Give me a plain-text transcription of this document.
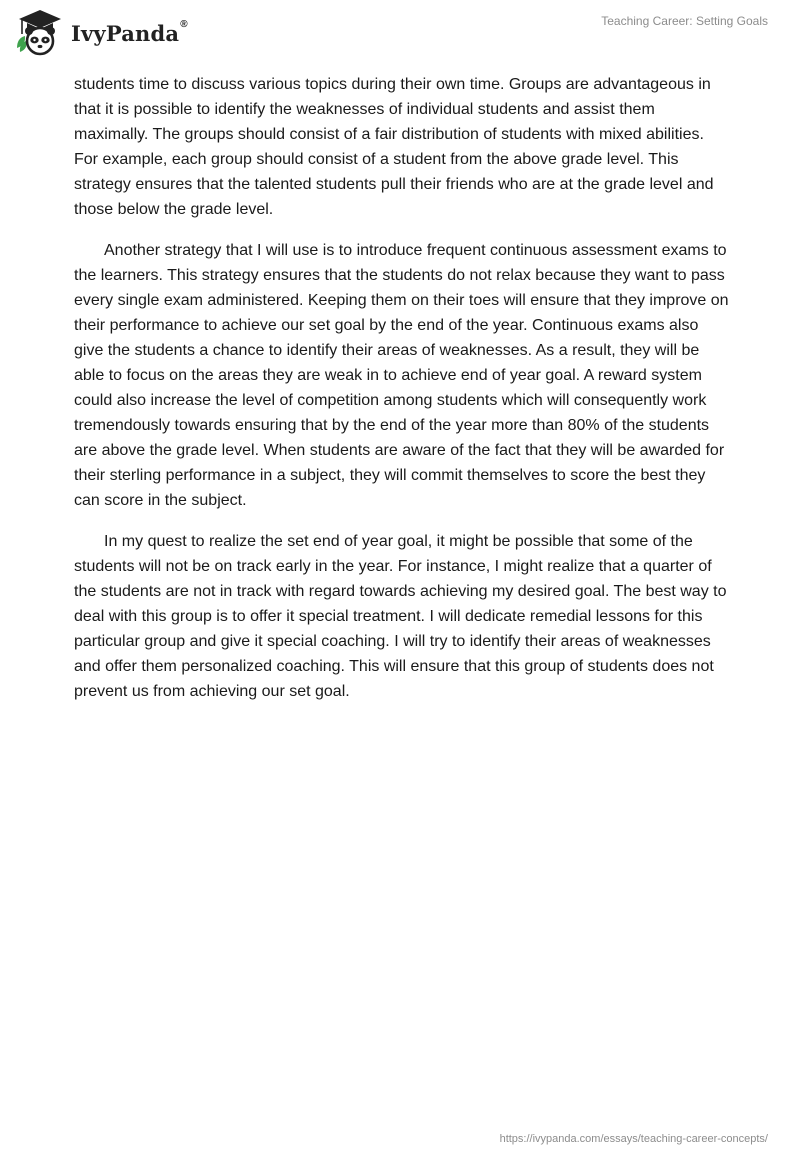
IvyPanda®	Teaching Career: Setting Goals

students time to discuss various topics during their own time. Groups are advantageous in that it is possible to identify the weaknesses of individual students and assist them maximally. The groups should consist of a fair distribution of students with mixed abilities. For example, each group should consist of a student from the above grade level. This strategy ensures that the talented students pull their friends who are at the grade level and those below the grade level.

Another strategy that I will use is to introduce frequent continuous assessment exams to the learners. This strategy ensures that the students do not relax because they want to pass every single exam administered. Keeping them on their toes will ensure that they improve on their performance to achieve our set goal by the end of the year. Continuous exams also give the students a chance to identify their areas of weaknesses. As a result, they will be able to focus on the areas they are weak in to achieve end of year goal. A reward system could also increase the level of competition among students which will consequently work tremendously towards ensuring that by the end of the year more than 80% of the students are above the grade level. When students are aware of the fact that they will be awarded for their sterling performance in a subject, they will commit themselves to score the best they can score in the subject.

In my quest to realize the set end of year goal, it might be possible that some of the students will not be on track early in the year. For instance, I might realize that a quarter of the students are not in track with regard towards achieving my desired goal. The best way to deal with this group is to offer it special treatment. I will dedicate remedial lessons for this particular group and give it special coaching. I will try to identify their areas of weaknesses and offer them personalized coaching. This will ensure that this group of students does not prevent us from achieving our set goal.

https://ivypanda.com/essays/teaching-career-concepts/
